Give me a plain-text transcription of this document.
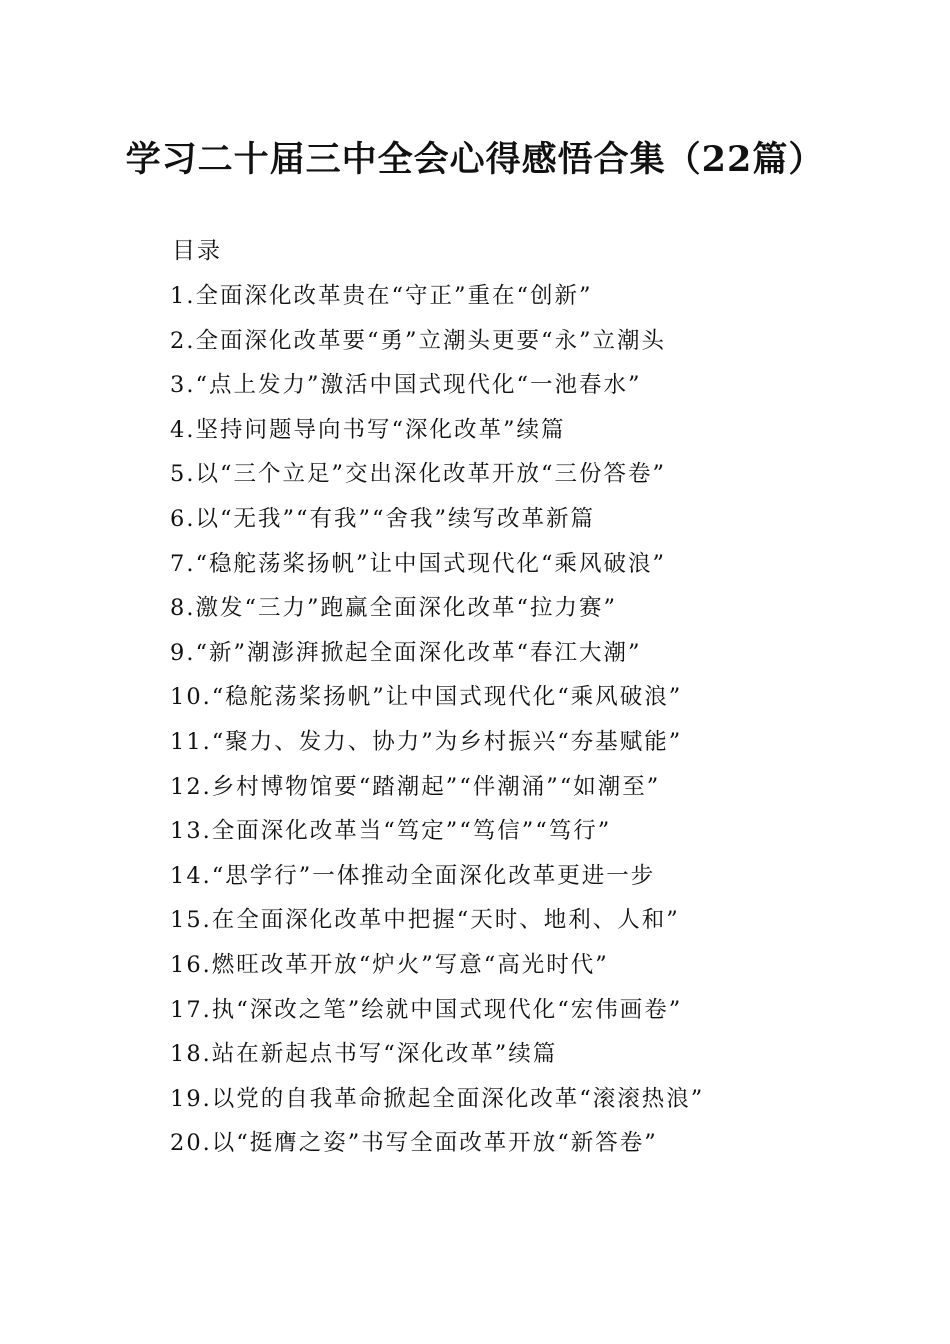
学习二十届三中全会心得感悟合集（22篇）
目录
1.全面深化改革贵在“守正”重在“创新”
2.全面深化改革要“勇”立潮头更要“永”立潮头
3.“点上发力”激活中国式现代化“一池春水”
4.坚持问题导向书写“深化改革”续篇
5.以“三个立足”交出深化改革开放“三份答卷”
6.以“无我”“有我”“舍我”续写改革新篇
7.“稳舵荡桨扬帆”让中国式现代化“乘风破浪”
8.激发“三力”跑赢全面深化改革“拉力赛”
9.“新”潮澎湃掀起全面深化改革“春江大潮”
10.“稳舵荡桨扬帆”让中国式现代化“乘风破浪”
11.“聚力、发力、协力”为乡村振兴“夯基赋能”
12.乡村博物馆要“踏潮起”“伴潮涌”“如潮至”
13.全面深化改革当“笃定”“笃信”“笃行”
14.“思学行”一体推动全面深化改革更进一步
15.在全面深化改革中把握“天时、地利、人和”
16.燃旺改革开放“炉火”写意“高光时代”
17.执“深改之笔”绘就中国式现代化“宏伟画卷”
18.站在新起点书写“深化改革”续篇
19.以党的自我革命掀起全面深化改革“滚滚热浪”
20.以“挺膺之姿”书写全面改革开放“新答卷”
